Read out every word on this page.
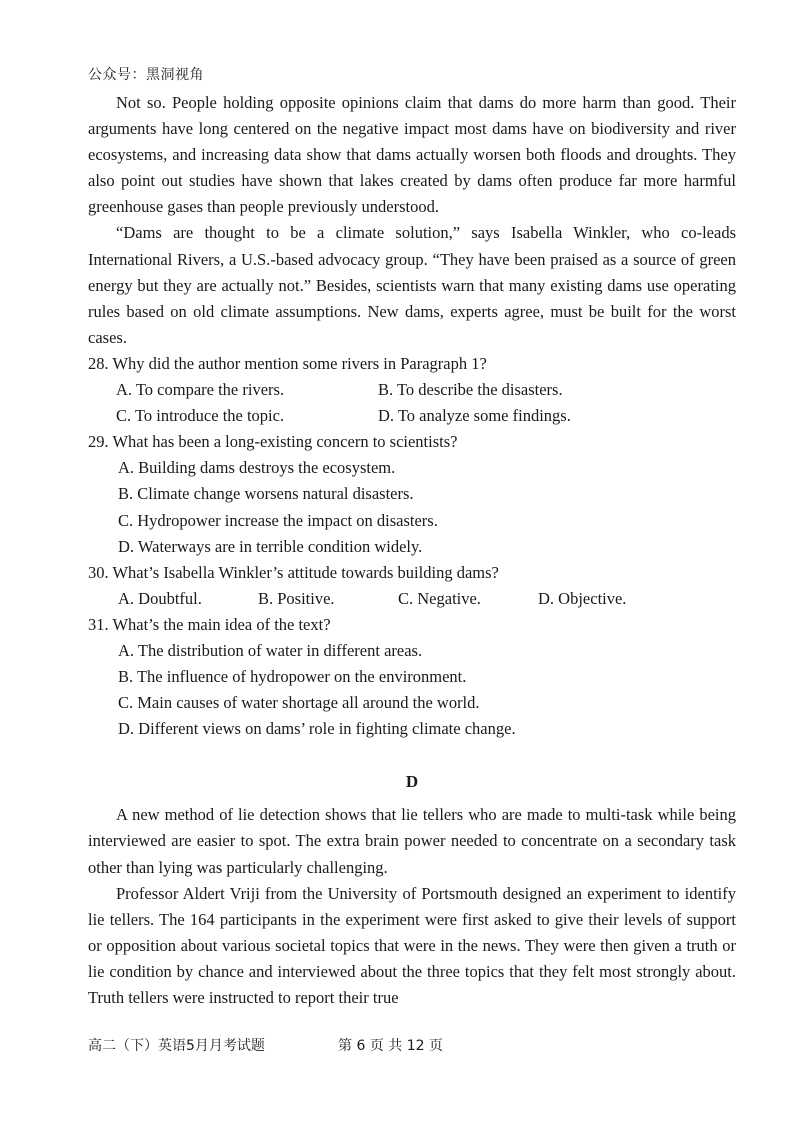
公众号：黑洞视角

Not so. People holding opposite opinions claim that dams do more harm than good. Their arguments have long centered on the negative impact most dams have on biodiversity and river ecosystems, and increasing data show that dams actually worsen both floods and droughts. They also point out studies have shown that lakes created by dams often produce far more harmful greenhouse gases than people previously understood.

“Dams are thought to be a climate solution,” says Isabella Winkler, who co-leads International Rivers, a U.S.-based advocacy group. “They have been praised as a source of green energy but they are actually not.” Besides, scientists warn that many existing dams use operating rules based on old climate assumptions. New dams, experts agree, must be built for the worst cases.

28. Why did the author mention some rivers in Paragraph 1?

A. To compare the rivers.	B. To describe the disasters.

C. To introduce the topic.	D. To analyze some findings.

29. What has been a long-existing concern to scientists?

A. Building dams destroys the ecosystem.

B. Climate change worsens natural disasters.

C. Hydropower increase the impact on disasters.

D. Waterways are in terrible condition widely.

30. What’s Isabella Winkler’s attitude towards building dams?

A. Doubtful.	B. Positive.	C. Negative.	D. Objective.

31. What’s the main idea of the text?

A. The distribution of water in different areas.

B. The influence of hydropower on the environment.

C. Main causes of water shortage all around the world.

D. Different views on dams’ role in fighting climate change.

D

A new method of lie detection shows that lie tellers who are made to multi-task while being interviewed are easier to spot. The extra brain power needed to concentrate on a secondary task other than lying was particularly challenging.

Professor Aldert Vriji from the University of Portsmouth designed an experiment to identify lie tellers. The 164 participants in the experiment were first asked to give their levels of support or opposition about various societal topics that were in the news. They were then given a truth or lie condition by chance and interviewed about the three topics that they felt most strongly about. Truth tellers were instructed to report their true

高二（下）英语5月月考试题	第 6 页 共 12 页
